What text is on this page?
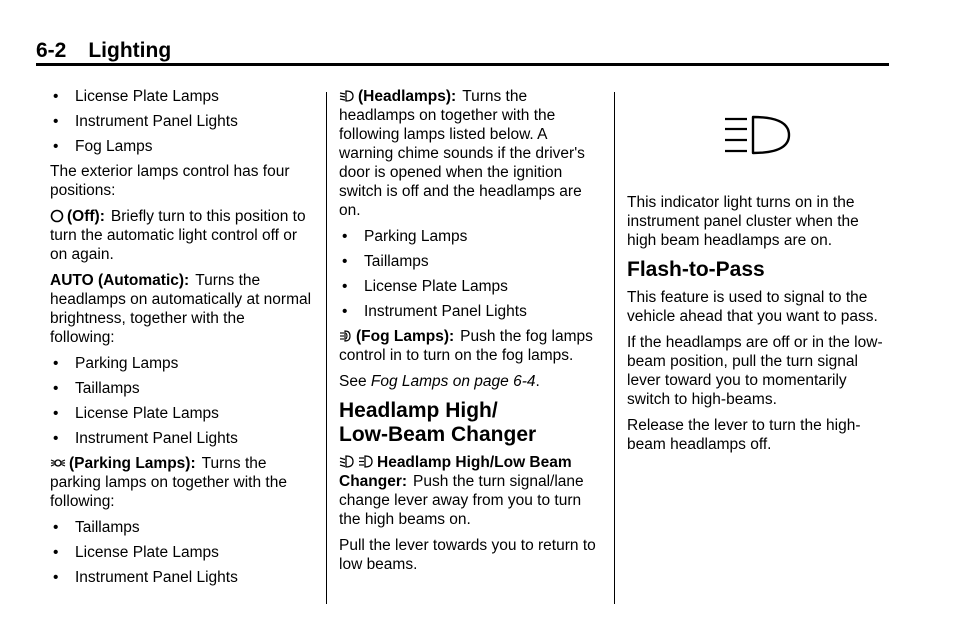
6-2 Lighting
• License Plate Lamps
• Instrument Panel Lights
• Fog Lamps

The exterior lamps control has four positions:

(Off): Briefly turn to this position to turn the automatic light control off or on again.

AUTO (Automatic): Turns the headlamps on automatically at normal brightness, together with the following:

• Parking Lamps
• Taillamps
• License Plate Lamps
• Instrument Panel Lights

(Parking Lamps): Turns the parking lamps on together with the following:

• Taillamps
• License Plate Lamps
• Instrument Panel Lights

(Headlamps): Turns the headlamps on together with the following lamps listed below. A warning chime sounds if the driver's door is opened when the ignition switch is off and the headlamps are on.

• Parking Lamps
• Taillamps
• License Plate Lamps
• Instrument Panel Lights

(Fog Lamps): Push the fog lamps control in to turn on the fog lamps.

See Fog Lamps on page 6-4.

Headlamp High/
Low-Beam Changer

Headlamp High/Low Beam Changer: Push the turn signal/lane change lever away from you to turn the high beams on.

Pull the lever towards you to return to low beams.

This indicator light turns on in the instrument panel cluster when the high beam headlamps are on.

Flash-to-Pass

This feature is used to signal to the vehicle ahead that you want to pass.

If the headlamps are off or in the low-beam position, pull the turn signal lever toward you to momentarily switch to high-beams.

Release the lever to turn the high-beam headlamps off.
